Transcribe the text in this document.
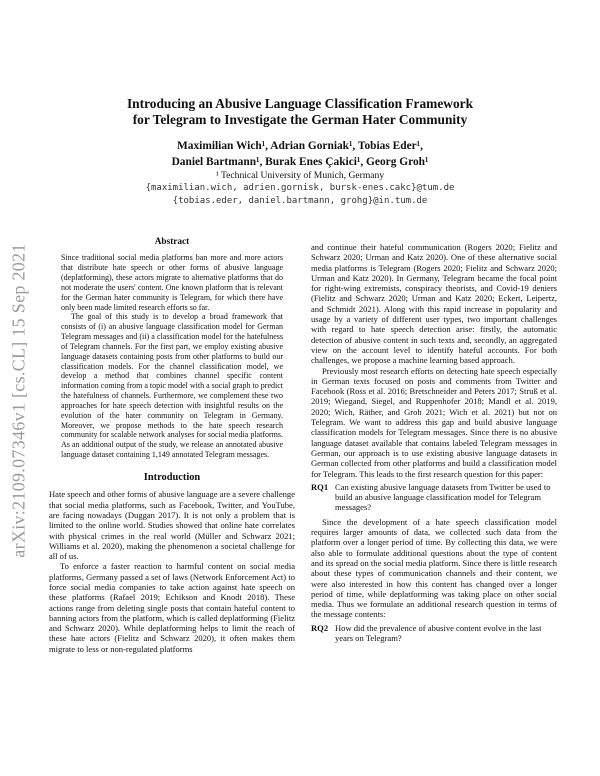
arXiv:2109.07346v1 [cs.CL] 15 Sep 2021
Introducing an Abusive Language Classification Framework
for Telegram to Investigate the German Hater Community
Maximilian Wich¹, Adrian Gorniak¹, Tobias Eder¹,
Daniel Bartmann¹, Burak Enes Çakici¹, Georg Groh¹
¹ Technical University of Munich, Germany
{maximilian.wich, adrien.gornisk, bursk-enes.cakc}@tum.de
{tobias.eder, daniel.bartmann, grohg}@in.tum.de
Abstract

Since traditional social media platforms ban more and more actors that distribute hate speech or other forms of abusive language (deplatforming), these actors migrate to alternative platforms that do not moderate the users' content. One known platform that is relevant for the German hater community is Telegram, for which there have only been made limited research efforts so far.

The goal of this study is to develop a broad framework that consists of (i) an abusive language classification model for German Telegram messages and (ii) a classification model for the hatefulness of Telegram channels. For the first part, we employ existing abusive language datasets containing posts from other platforms to build our classification models. For the channel classification model, we develop a method that combines channel specific content information coming from a topic model with a social graph to predict the hatefulness of channels. Furthermore, we complement these two approaches for hate speech detection with insightful results on the evolution of the hater community on Telegram in Germany. Moreover, we propose methods to the hate speech research community for scalable network analyses for social media platforms. As an additional output of the study, we release an annotated abusive language dataset containing 1,149 annotated Telegram messages.

Introduction

Hate speech and other forms of abusive language are a severe challenge that social media platforms, such as Facebook, Twitter, and YouTube, are facing nowadays (Duggan 2017). It is not only a problem that is limited to the online world. Studies showed that online hate correlates with physical crimes in the real world (Müller and Schwarz 2021; Williams et al. 2020), making the phenomenon a societal challenge for all of us.

To enforce a faster reaction to harmful content on social media platforms, Germany passed a set of laws (Network Enforcement Act) to force social media companies to take action against hate speech on these platforms (Rafael 2019; Echikson and Knodt 2018). These actions range from deleting single posts that contain hateful content to banning actors from the platform, which is called deplatforming (Fielitz and Schwarz 2020). While deplatforming helps to limit the reach of these hate actors (Fielitz and Schwarz 2020), it often makes them migrate to less or non-regulated platforms

and continue their hateful communication (Rogers 2020; Fielitz and Schwarz 2020; Urman and Katz 2020). One of these alternative social media platforms is Telegram (Rogers 2020; Fielitz and Schwarz 2020; Urman and Katz 2020). In Germany, Telegram became the focal point for right-wing extremists, conspiracy theorists, and Covid-19 deniers (Fielitz and Schwarz 2020; Urman and Katz 2020; Eckert, Leipertz, and Schmidt 2021). Along with this rapid increase in popularity and usage by a variety of different user types, two important challenges with regard to hate speech detection arise: firstly, the automatic detection of abusive content in such texts and, secondly, an aggregated view on the account level to identify hateful accounts. For both challenges, we propose a machine learning based approach.

Previously most research efforts on detecting hate speech especially in German texts focused on posts and comments from Twitter and Facebook (Ross et al. 2016; Bretschneider and Peters 2017; Struß et al. 2019; Wiegand, Siegel, and Ruppenhofer 2018; Mandl et al. 2019, 2020; Wich, Räther, and Groh 2021; Wich et al. 2021) but not on Telegram. We want to address this gap and build abusive language classification models for Telegram messages. Since there is no abusive language dataset available that contains labeled Telegram messages in German, our approach is to use existing abusive language datasets in German collected from other platforms and build a classification model for Telegram. This leads to the first research question for this paper:

RQ1 Can existing abusive language datasets from Twitter be used to build an abusive language classification model for Telegram messages?

Since the development of a hate speech classification model requires larger amounts of data, we collected such data from the platform over a longer period of time. By collecting this data, we were also able to formulate additional questions about the type of content and its spread on the social media platform. Since there is little research about these types of communication channels and their content, we were also interested in how this content has changed over a longer period of time, while deplatforming was taking place on other social media. Thus we formulate an additional research question in terms of the message contents:

RQ2 How did the prevalence of abusive content evolve in the last years on Telegram?
